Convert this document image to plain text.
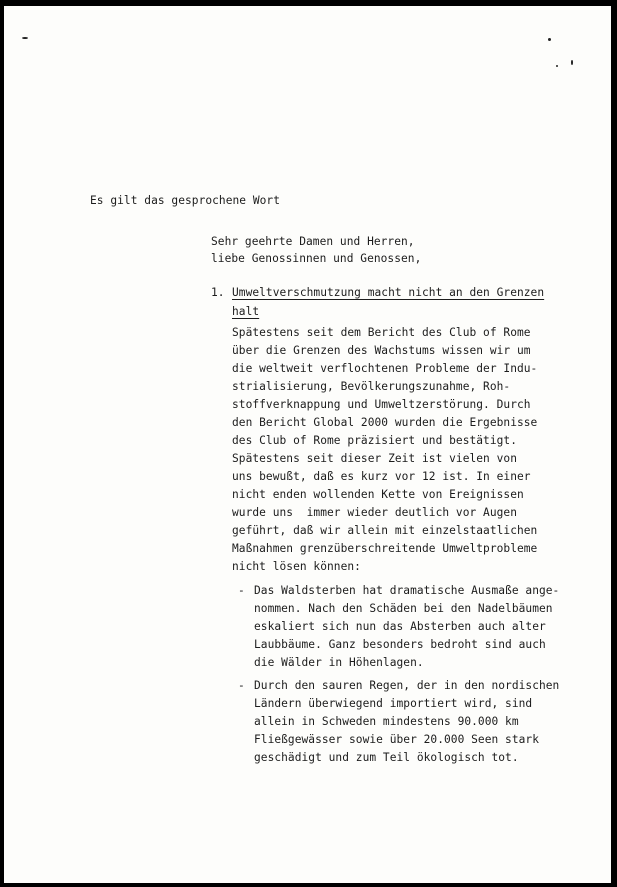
Es gilt das gesprochene Wort

Sehr geehrte Damen und Herren,

liebe Genossinnen und Genossen,

1. Umweltverschmutzung macht nicht an den Grenzen

halt

Spätestens seit dem Bericht des Club of Rome

über die Grenzen des Wachstums wissen wir um

die weltweit verflochtenen Probleme der Indu-

strialisierung, Bevölkerungszunahme, Roh-

stoffverknappung und Umweltzerstörung. Durch

den Bericht Global 2000 wurden die Ergebnisse

des Club of Rome präzisiert und bestätigt.

Spätestens seit dieser Zeit ist vielen von

uns bewußt, daß es kurz vor 12 ist. In einer

nicht enden wollenden Kette von Ereignissen

wurde uns  immer wieder deutlich vor Augen

geführt, daß wir allein mit einzelstaatlichen

Maßnahmen grenzüberschreitende Umweltprobleme

nicht lösen können:

- Das Waldsterben hat dramatische Ausmaße ange-

nommen. Nach den Schäden bei den Nadelbäumen

eskaliert sich nun das Absterben auch alter

Laubbäume. Ganz besonders bedroht sind auch

die Wälder in Höhenlagen.

- Durch den sauren Regen, der in den nordischen

Ländern überwiegend importiert wird, sind

allein in Schweden mindestens 90.000 km

Fließgewässer sowie über 20.000 Seen stark

geschädigt und zum Teil ökologisch tot.
